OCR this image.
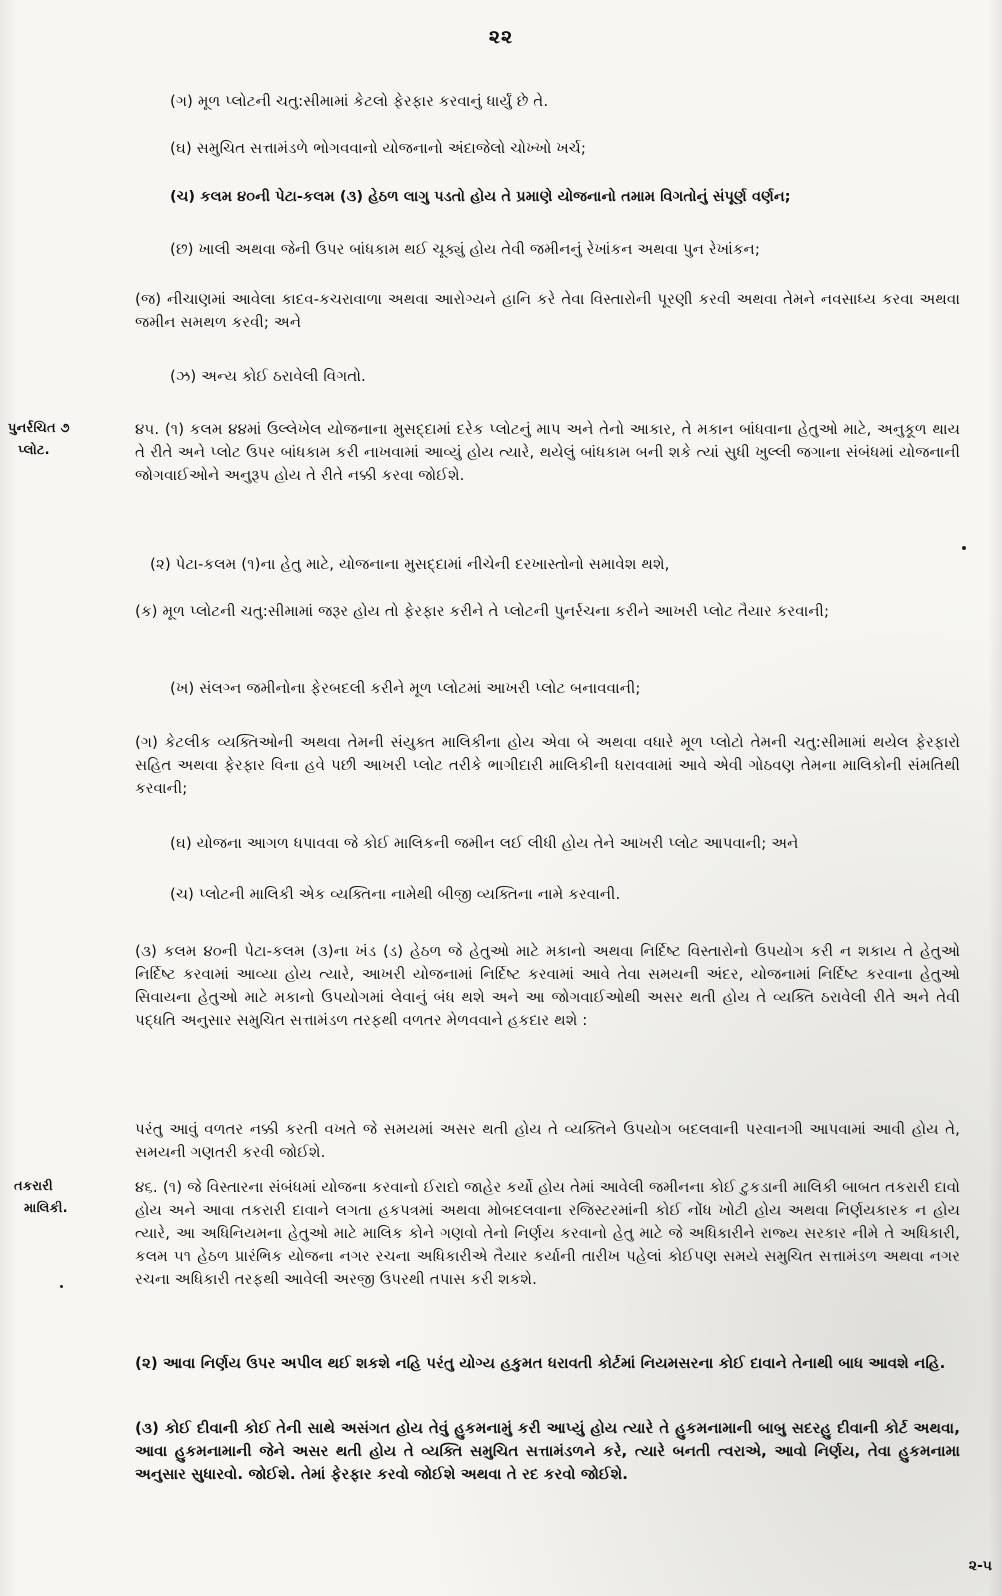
૨૨
(ગ) મૂળ પ્લોટની ચતુ:સીમામાં કેટલો ફેરફાર કરવાનું ધાર્યું છે તે.
(ઘ) સમુચિત સત્તામંડળે ભોગવવાનો યોજનાનો અંદાજેલો ચોખ્ખો ખર્ચ;
(ચ) કલમ ૪૦ની પેટા-કલમ (૩) હેઠળ લાગુ પડતો હોય તે પ્રમાણે યોજનાનો તમામ વિગતોનું સંપૂર્ણ વર્ણન;
(છ) ખાલી અથવા જેની ઉપર બાંધકામ થઈ ચૂક્યું હોય તેવી જમીનનું રેખાંકન અથવા પુન રેખાંકન;
(જ) નીચાણમાં આવેલા કાદવ-કચરાવાળા અથવા આરોગ્યને હાનિ કરે તેવા વિસ્તારોની પૂરણી કરવી અથવા તેમને નવસાધ્ય કરવા અથવા જમીન સમથળ કરવી; અને
(ઝ) અન્ય કોઈ ઠરાવેલી વિગતો.
પુનર્રચિત ૭
પ્લોટ.
૪૫. (૧) કલમ ૪૪માં ઉલ્લેખેલ યોજનાના મુસદ્દામાં દરેક પ્લોટનું માપ અને તેનો આકાર, તે મકાન બાંધવાના હેતુઓ માટે, અનુકૂળ થાય તે રીતે અને પ્લોટ ઉપર બાંધકામ કરી નાખવામાં આવ્યું હોય ત્યારે, થયેલું બાંધકામ બની શકે ત્યાં સુધી ખુલ્લી જગાના સંબંધમાં યોજનાની જોગવાઈઓને અનુરૂપ હોય તે રીતે નક્કી કરવા જોઈશે.
(૨) પેટા-કલમ (૧)ના હેતુ માટે, યોજનાના મુસદ્દામાં નીચેની દરખાસ્તોનો સમાવેશ થશે,
(ક) મૂળ પ્લોટની ચતુ:સીમામાં જરૂર હોય તો ફેરફાર કરીને તે પ્લોટની પુનર્રચના કરીને આખરી પ્લોટ તૈયાર કરવાની;
(ખ) સંલગ્ન જમીનોના ફેરબદલી કરીને મૂળ પ્લોટમાં આખરી પ્લોટ બનાવવાની;
(ગ) કેટલીક વ્યક્તિઓની અથવા તેમની સંયુક્ત માલિકીના હોય એવા બે અથવા વધારે મૂળ પ્લોટો તેમની ચતુ:સીમામાં થયેલ ફેરફારો સહિત અથવા ફેરફાર વિના હવે પછી આખરી પ્લોટ તરીકે ભાગીદારી માલિકીની ધરાવવામાં આવે એવી ગોઠવણ તેમના માલિકોની સંમતિથી કરવાની;
(ઘ) યોજના આગળ ધપાવવા જે કોઈ માલિકની જમીન લઈ લીધી હોય તેને આખરી પ્લોટ આપવાની; અને
(ચ) પ્લોટની માલિકી એક વ્યક્તિના નામેથી બીજી વ્યક્તિના નામે કરવાની.
(૩) કલમ ૪૦ની પેટા-કલમ (૩)ના ખંડ (ડ) હેઠળ જે હેતુઓ માટે મકાનો અથવા નિર્દિષ્ટ વિસ્તારોનો ઉપયોગ કરી ન શકાય તે હેતુઓ નિર્દિષ્ટ કરવામાં આવ્યા હોય ત્યારે, આખરી યોજનામાં નિર્દિષ્ટ કરવામાં આવે તેવા સમયની અંદર, યોજનામાં નિર્દિષ્ટ કરવાના હેતુઓ સિવાયના હેતુઓ માટે મકાનો ઉપયોગમાં લેવાનું બંધ થશે અને આ જોગવાઈઓથી અસર થતી હોય તે વ્યક્તિ ઠરાવેલી રીતે અને તેવી પદ્ધતિ અનુસાર સમુચિત સત્તામંડળ તરફથી વળતર મેળવવાને હકદાર થશે :
પરંતુ આવું વળતર નક્કી કરતી વખતે જે સમયમાં અસર થતી હોય તે વ્યક્તિને ઉપયોગ બદલવાની પરવાનગી આપવામાં આવી હોય તે, સમયની ગણતરી કરવી જોઈશે.
તકરારી
માલિકી.
૪૬. (૧) જે વિસ્તારના સંબંધમાં યોજના કરવાનો ઈરાદો જાહેર કર્યો હોય તેમાં આવેલી જમીનના કોઈ ટુકડાની માલિકી બાબત તકરારી દાવો હોય અને આવા તકરારી દાવાને લગતા હકપત્રમાં અથવા મોબદલવાના રજિસ્ટરમાંની કોઈ નોંધ ખોટી હોય અથવા નિર્ણયકારક ન હોય ત્યારે, આ અધિનિયમના હેતુઓ માટે માલિક કોને ગણવો તેનો નિર્ણય કરવાનો હેતુ માટે જે અધિકારીને રાજ્ય સરકાર નીમે તે અધિકારી, કલમ ૫૧ હેઠળ પ્રારંભિક યોજના નગર રચના અધિકારીએ તૈયાર કર્યાની તારીખ પહેલાં કોઈપણ સમયે સમુચિત સત્તામંડળ અથવા નગર રચના અધિકારી તરફથી આવેલી અરજી ઉપરથી તપાસ કરી શકશે.
(૨) આવા નિર્ણય ઉપર અપીલ થઈ શકશે નહિ પરંતુ યોગ્ય હકુમત ધરાવતી કોર્ટમાં નિયમસરના કોઈ દાવાને તેનાથી બાધ આવશે નહિ.
(૩) કોઈ દીવાની કોઈ તેની સાથે અસંગત હોય તેવું હુકમનામું કરી આપ્યું હોય ત્યારે તે હુકમનામાની બાબુ સદરહુ દીવાની કોર્ટ અથવા, આવા હુકમનામાની જેને અસર થતી હોય તે વ્યક્તિ સમુચિત સત્તામંડળને કરે, ત્યારે બનતી ત્વરાએ, આવો નિર્ણય, તેવા હુકમનામા અનુસાર સુધારવો. જોઈશે. તેમાં ફેરફાર કરવો જોઈશે અથવા તે રદ કરવો જોઈશે.
૨-૫
